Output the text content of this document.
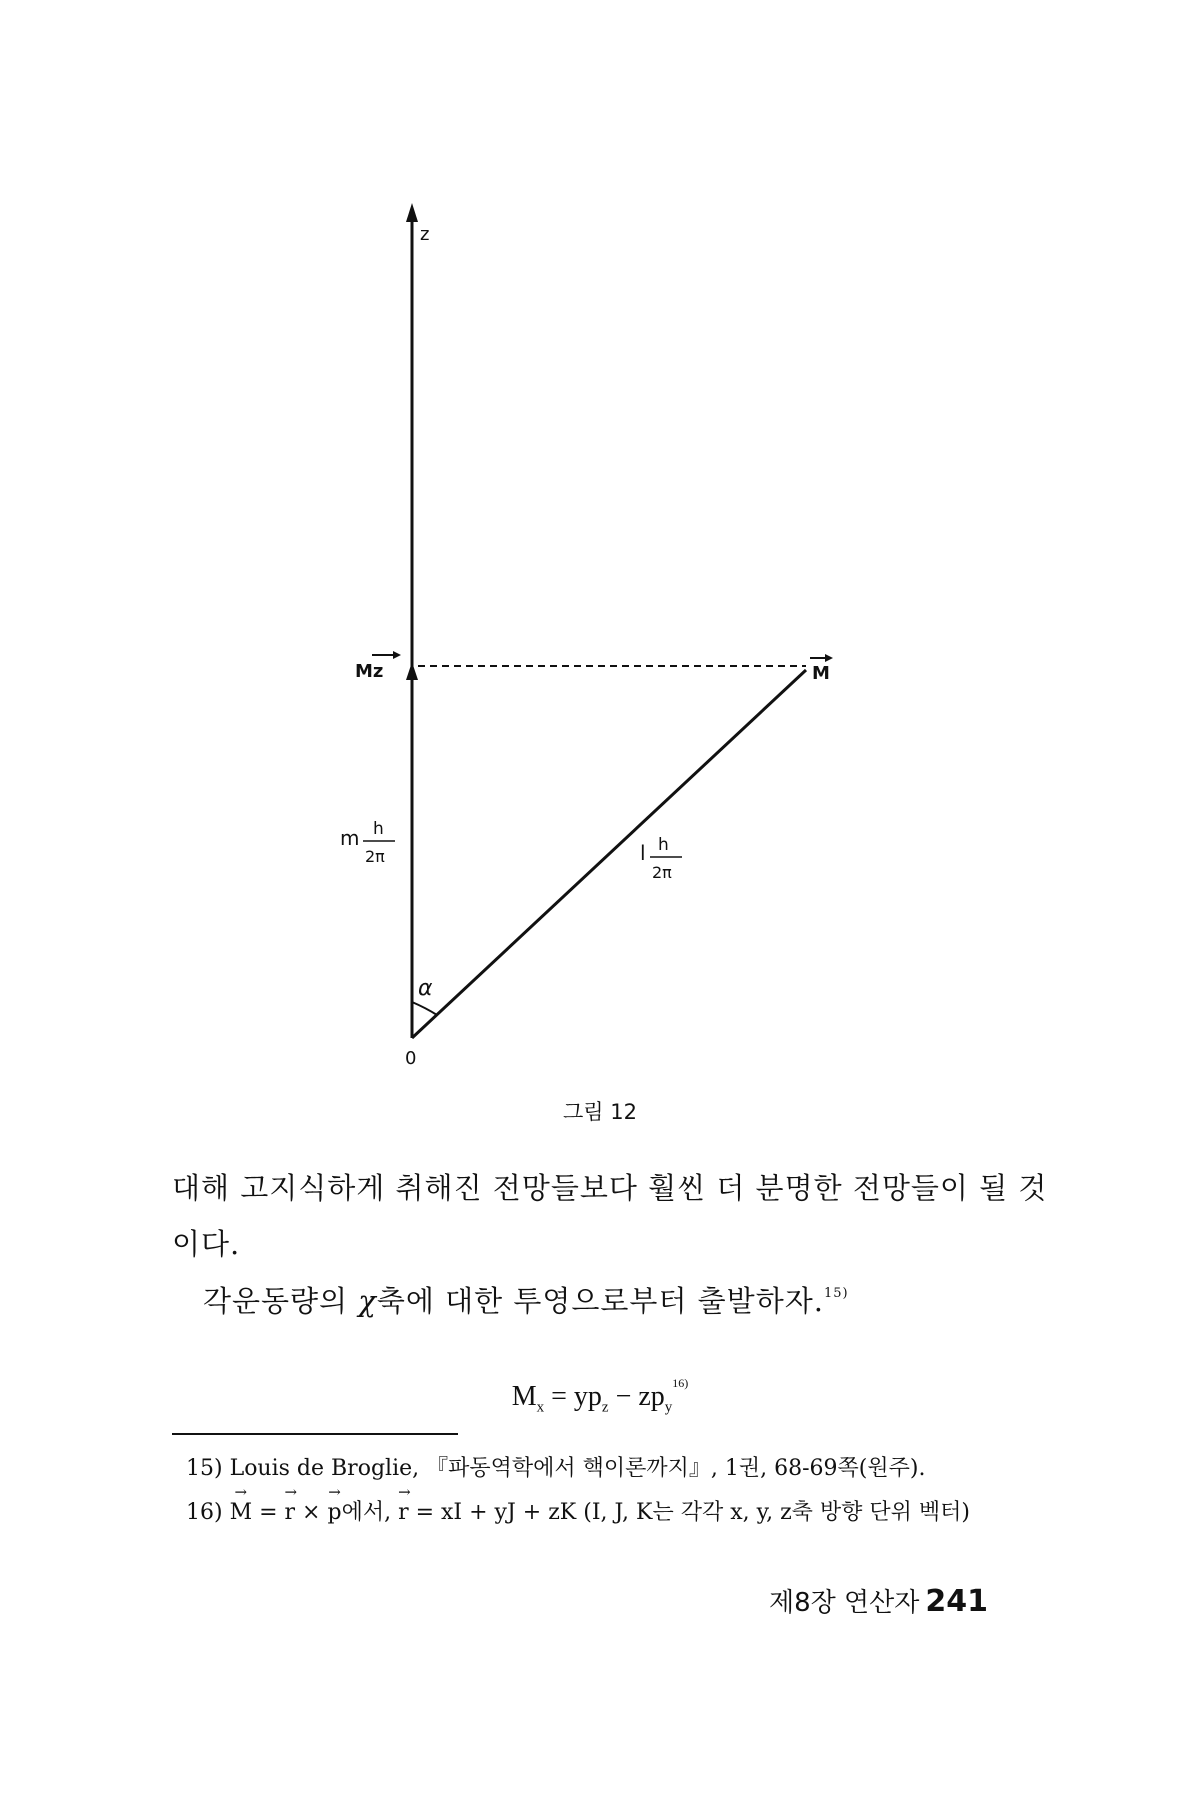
z
α
Mz	M
0
m h
2π	l h
2π
그림 12
대해 고지식하게 취해진 전망들보다 훨씬 더 분명한 전망들이 될 것
이다.
각운동량의 χ축에 대한 투영으로부터 출발하자.$^{15)}$
$M_x = yp_z - zp_y^{16)}$
15) Louis de Broglie, 『파동역학에서 핵이론까지』, 1권, 68-69쪽(원주).
16) → M = → r × → p에서, → r = xI + yJ + zK (I, J, K는 각각 x, y, z축 방향 단위 벡터)
제8장 연산자 241
